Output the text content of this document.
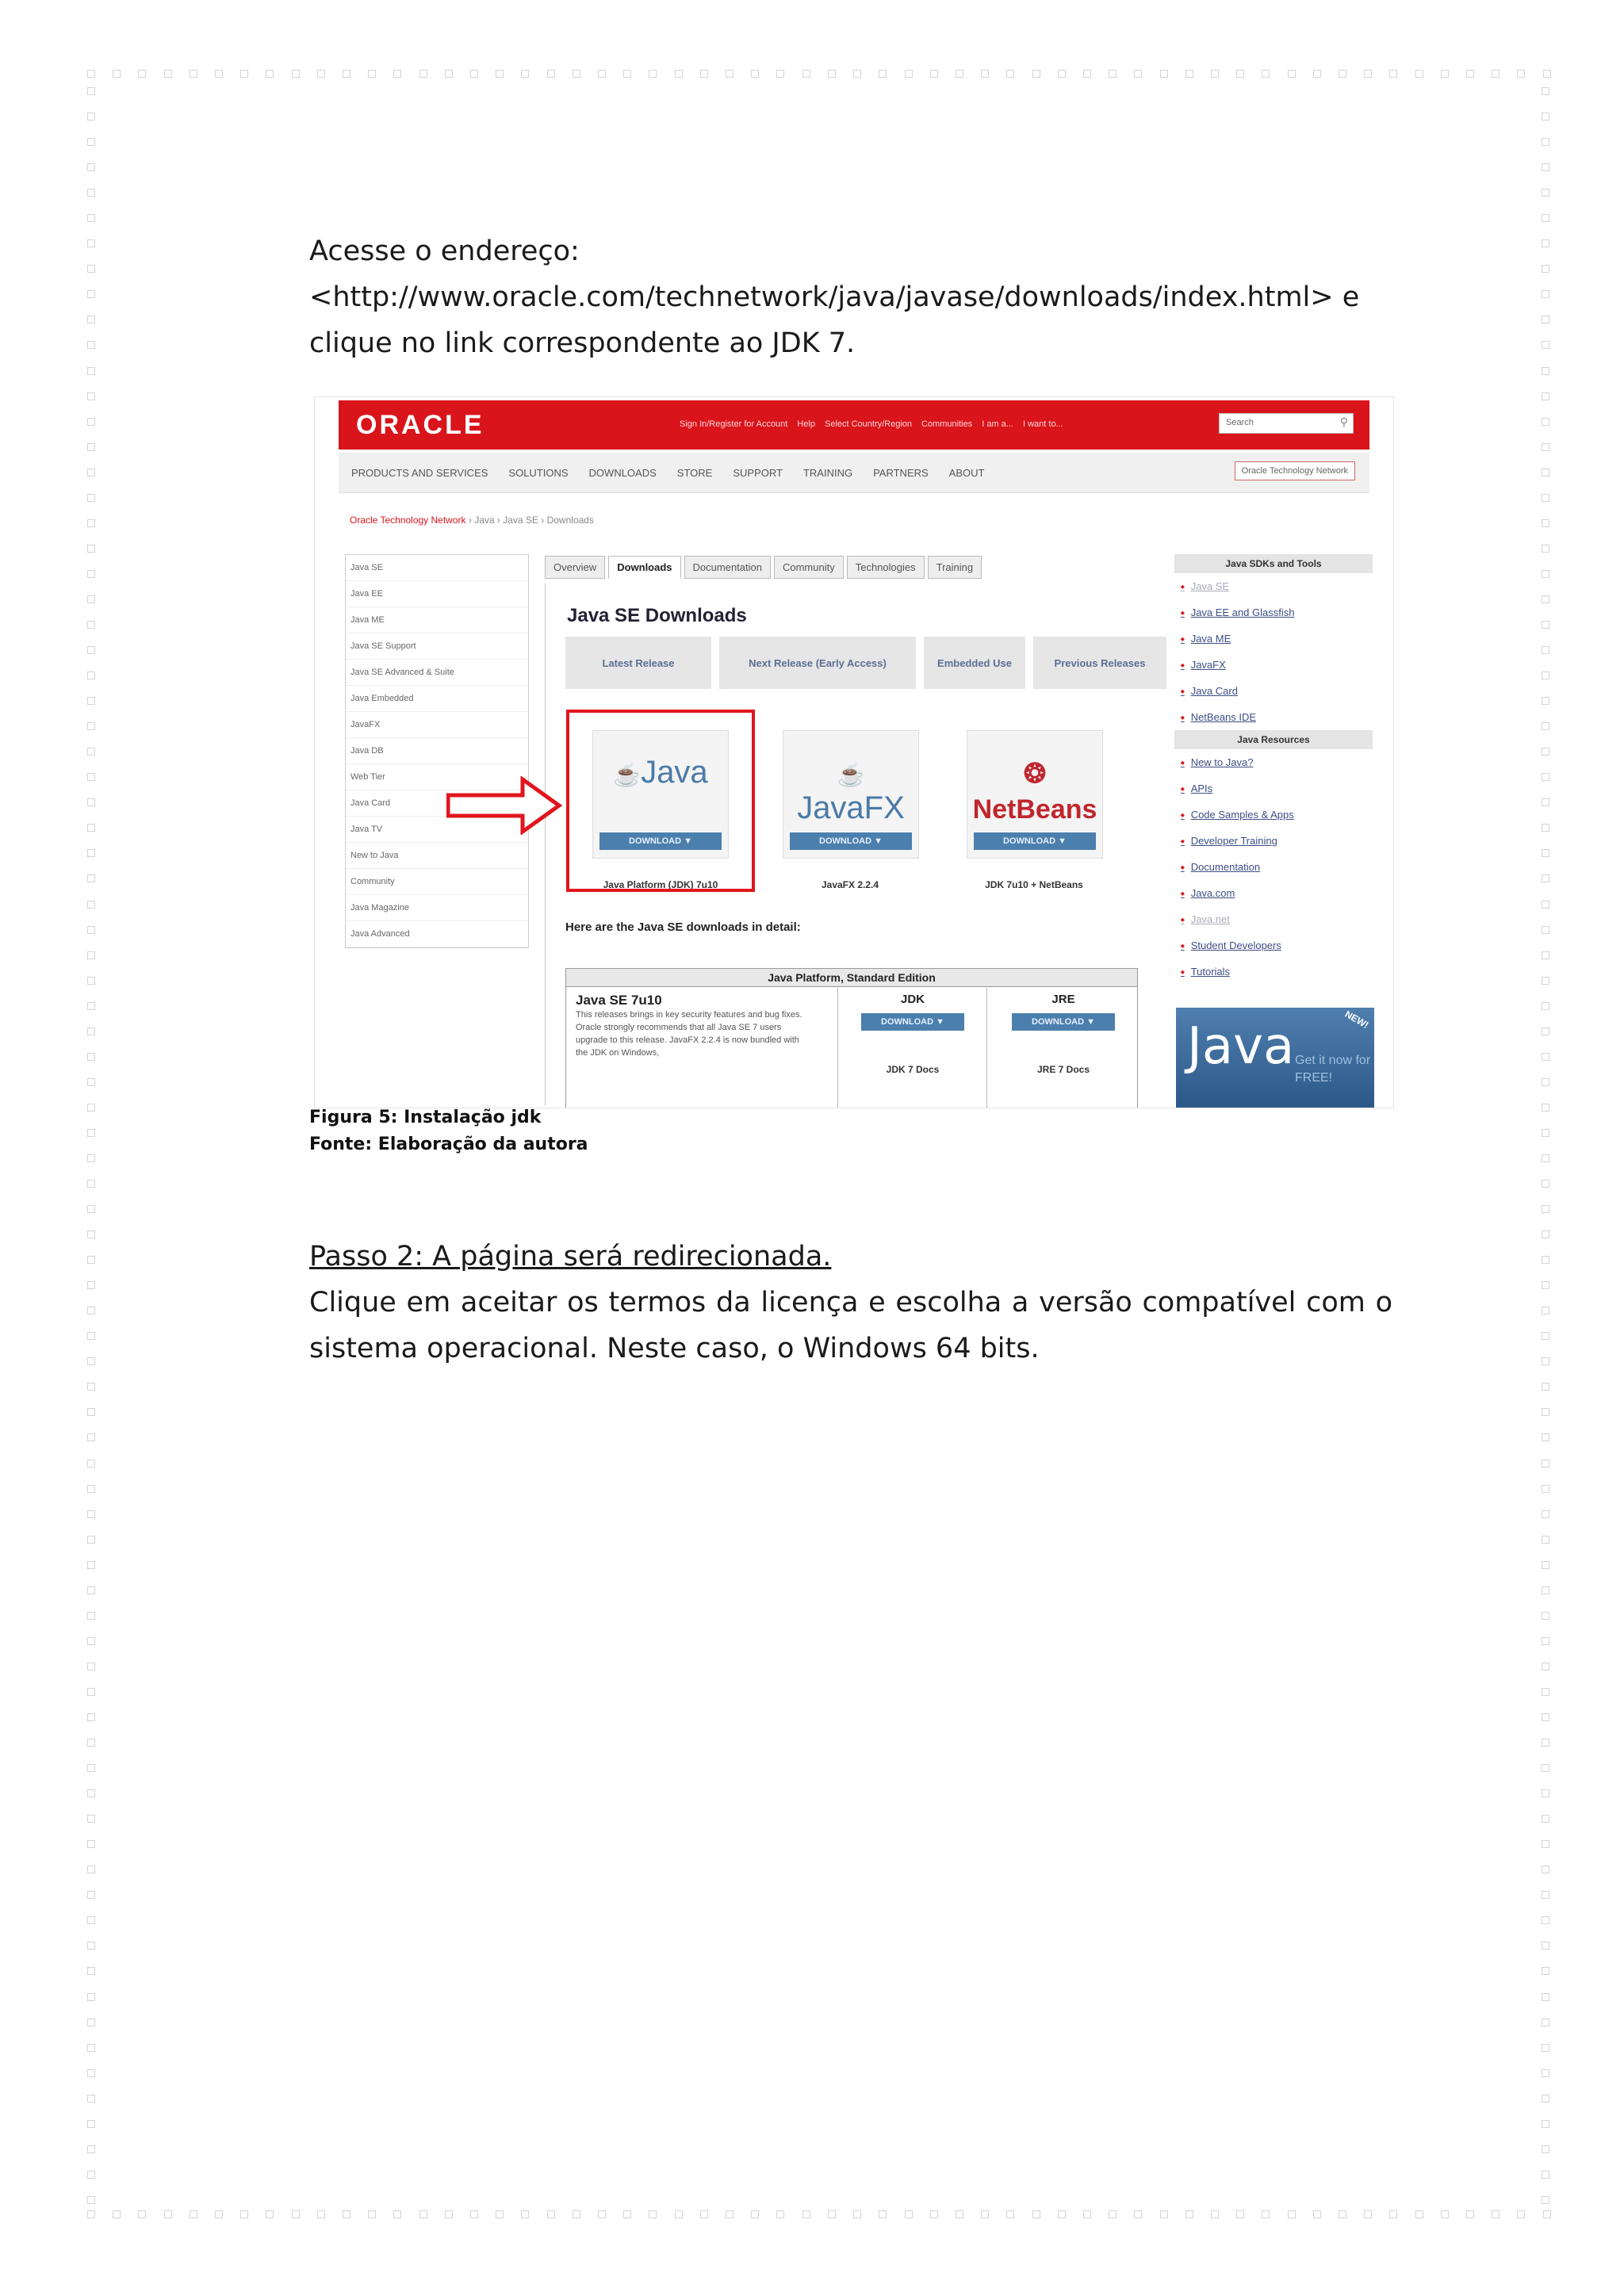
Acesse o endereço:
<http://www.oracle.com/technetwork/java/javase/downloads/index.html> e
clique no link correspondente ao JDK 7.
ORACLE	Sign In/Register for Account Help Select Country/Region Communities I am a... I want to...	Search	⚲
PRODUCTS AND SERVICES SOLUTIONS DOWNLOADS STORE SUPPORT TRAINING PARTNERS ABOUT	Oracle Technology Network
Oracle Technology Network › Java › Java SE › Downloads
Java SE
Java EE
Java ME
Java SE Support
Java SE Advanced & Suite
Java Embedded
JavaFX
Java DB
Web Tier
Java Card
Java TV
New to Java
Community
Java Magazine
Java Advanced
Overview	Downloads	Documentation	Community	Technologies	Training
Java SE Downloads
Latest Release	Next Release (Early Access)	Embedded Use	Previous Releases
☕Java
DOWNLOAD ▼
☕JavaFX
DOWNLOAD ▼
❂ NetBeans
DOWNLOAD ▼
Java Platform (JDK) 7u10	JavaFX 2.2.4	JDK 7u10 + NetBeans
Here are the Java SE downloads in detail:
Java Platform, Standard Edition
Java SE 7u10
This releases brings in key security features and bug fixes. Oracle strongly recommends that all Java SE 7 users upgrade to this release. JavaFX 2.2.4 is now bundled with the JDK on Windows,
JDK	JRE
DOWNLOAD ▼	DOWNLOAD ▼
JDK 7 Docs	JRE 7 Docs
Java SDKs and Tools
⬩ Java SE
⬩ Java EE and Glassfish
⬩ Java ME
⬩ JavaFX
⬩ Java Card
⬩ NetBeans IDE
Java Resources
⬩ New to Java?
⬩ APIs
⬩ Code Samples & Apps
⬩ Developer Training
⬩ Documentation
⬩ Java.com
⬩ Java.net
⬩ Student Developers
⬩ Tutorials
Java Get it now for FREE!
NEW!
Figura 5: Instalação jdk
Fonte: Elaboração da autora
Passo 2: A página será redirecionada.
Clique em aceitar os termos da licença e escolha a versão compatível com o sistema operacional. Neste caso, o Windows 64 bits.
